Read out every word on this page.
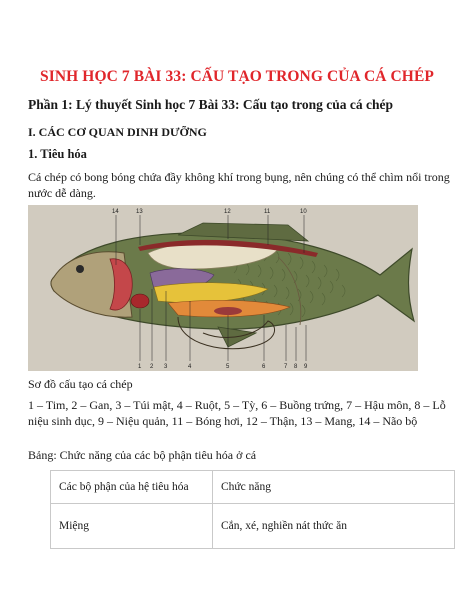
SINH HỌC 7 BÀI 33: CẤU TẠO TRONG CỦA CÁ CHÉP
Phần 1: Lý thuyết Sinh học 7 Bài 33: Cấu tạo trong của cá chép
I. CÁC CƠ QUAN DINH DƯỠNG
1. Tiêu hóa
Cá chép có bong bóng chứa đầy không khí trong bụng, nên chúng có thể chìm nổi trong nước dễ dàng.
14	13	12	11	10
1 2 3	4	5	6	7 8 9
Sơ đồ cấu tạo cá chép
1 – Tim, 2 – Gan, 3 – Túi mật, 4 – Ruột, 5 – Tỳ, 6 – Buồng trứng, 7 – Hậu môn, 8 – Lỗ niệu sinh dục, 9 – Niệu quản, 11 – Bóng hơi, 12 – Thận, 13 – Mang, 14 – Não bộ
Bảng: Chức năng của các bộ phận tiêu hóa ở cá
Các bộ phận của hệ tiêu hóa	Chức năng
Miệng	Cắn, xé, nghiền nát thức ăn
